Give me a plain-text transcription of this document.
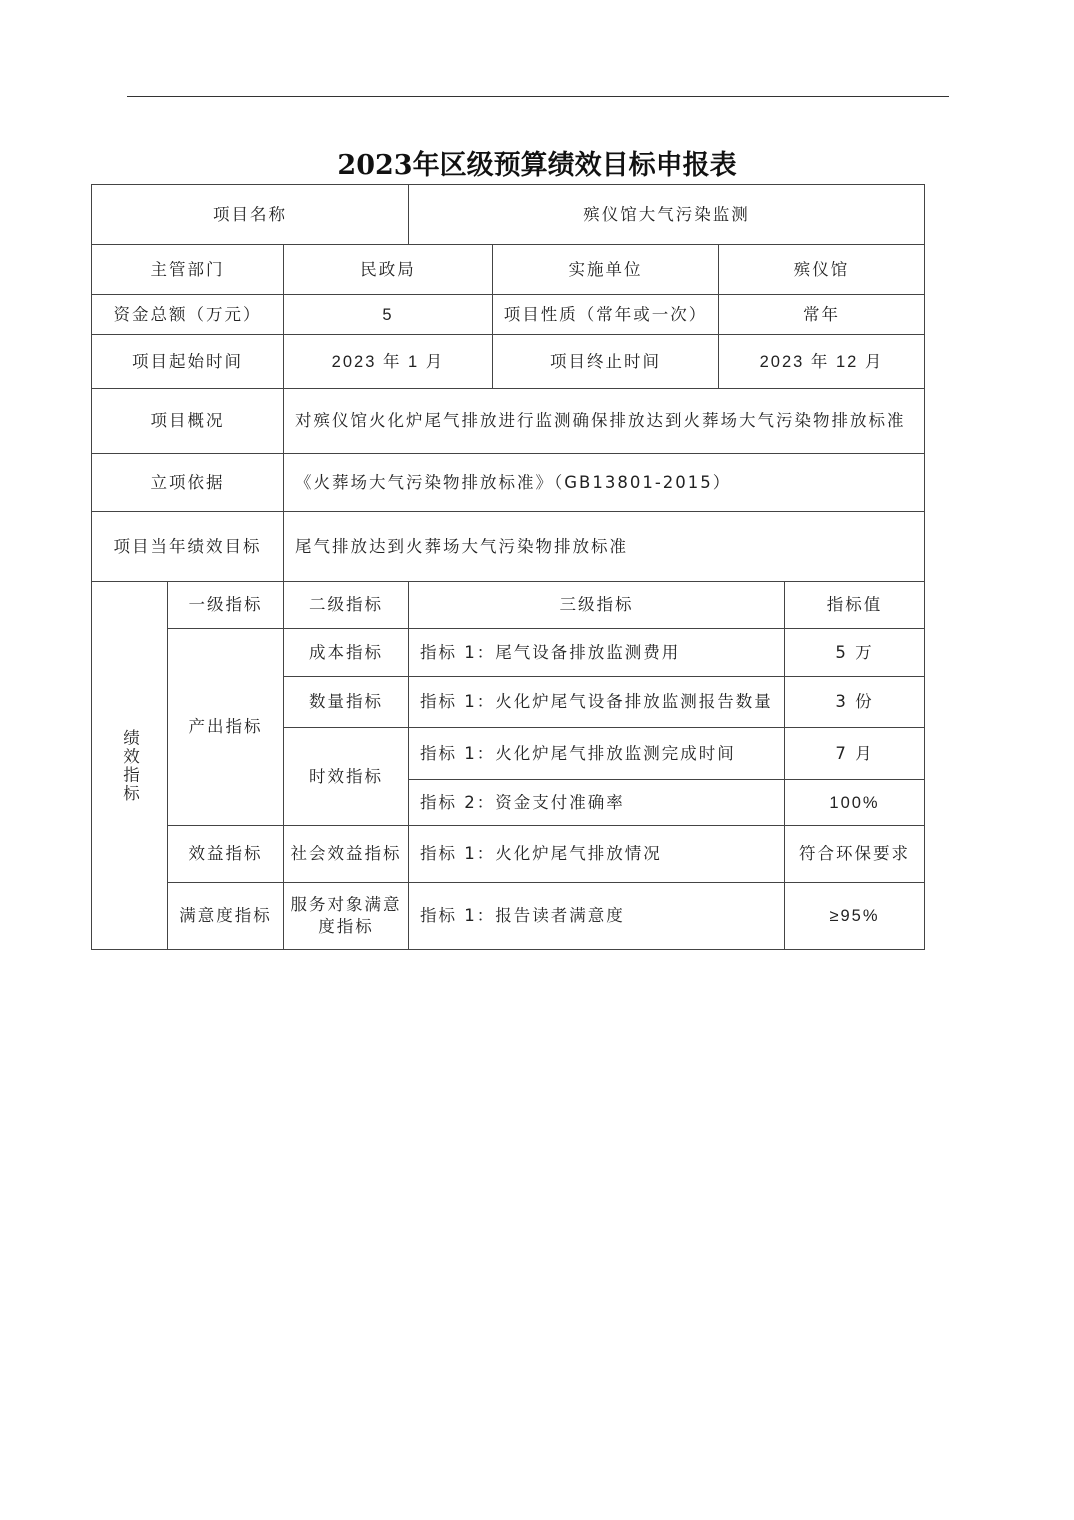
2023年区级预算绩效目标申报表
项目名称			殡仪馆大气污染监测			
主管部门		民政局		实施单位	殡仪馆	
资金总额（万元）		5		项目性质（常年或一次）	常年	
项目起始时间		2023 年 1 月		项目终止时间	2023 年 12 月	
项目概况		对殡仪馆火化炉尾气排放进行监测确保排放达到火葬场大气污染物排放标准				
立项依据		《火葬场大气污染物排放标准》（GB13801-2015）				
项目当年绩效目标		尾气排放达到火葬场大气污染物排放标准				
绩效指标	一级指标	二级指标	三级指标			指标值
	产出指标	成本指标	指标 1：尾气设备排放监测费用			5 万
		数量指标	指标 1：火化炉尾气设备排放监测报告数量			3 份
		时效指标	指标 1：火化炉尾气排放监测完成时间			7 月
			指标 2：资金支付准确率			100%
	效益指标	社会效益指标	指标 1：火化炉尾气排放情况			符合环保要求
	满意度指标	服务对象满意度指标	指标 1：报告读者满意度			≥95%
